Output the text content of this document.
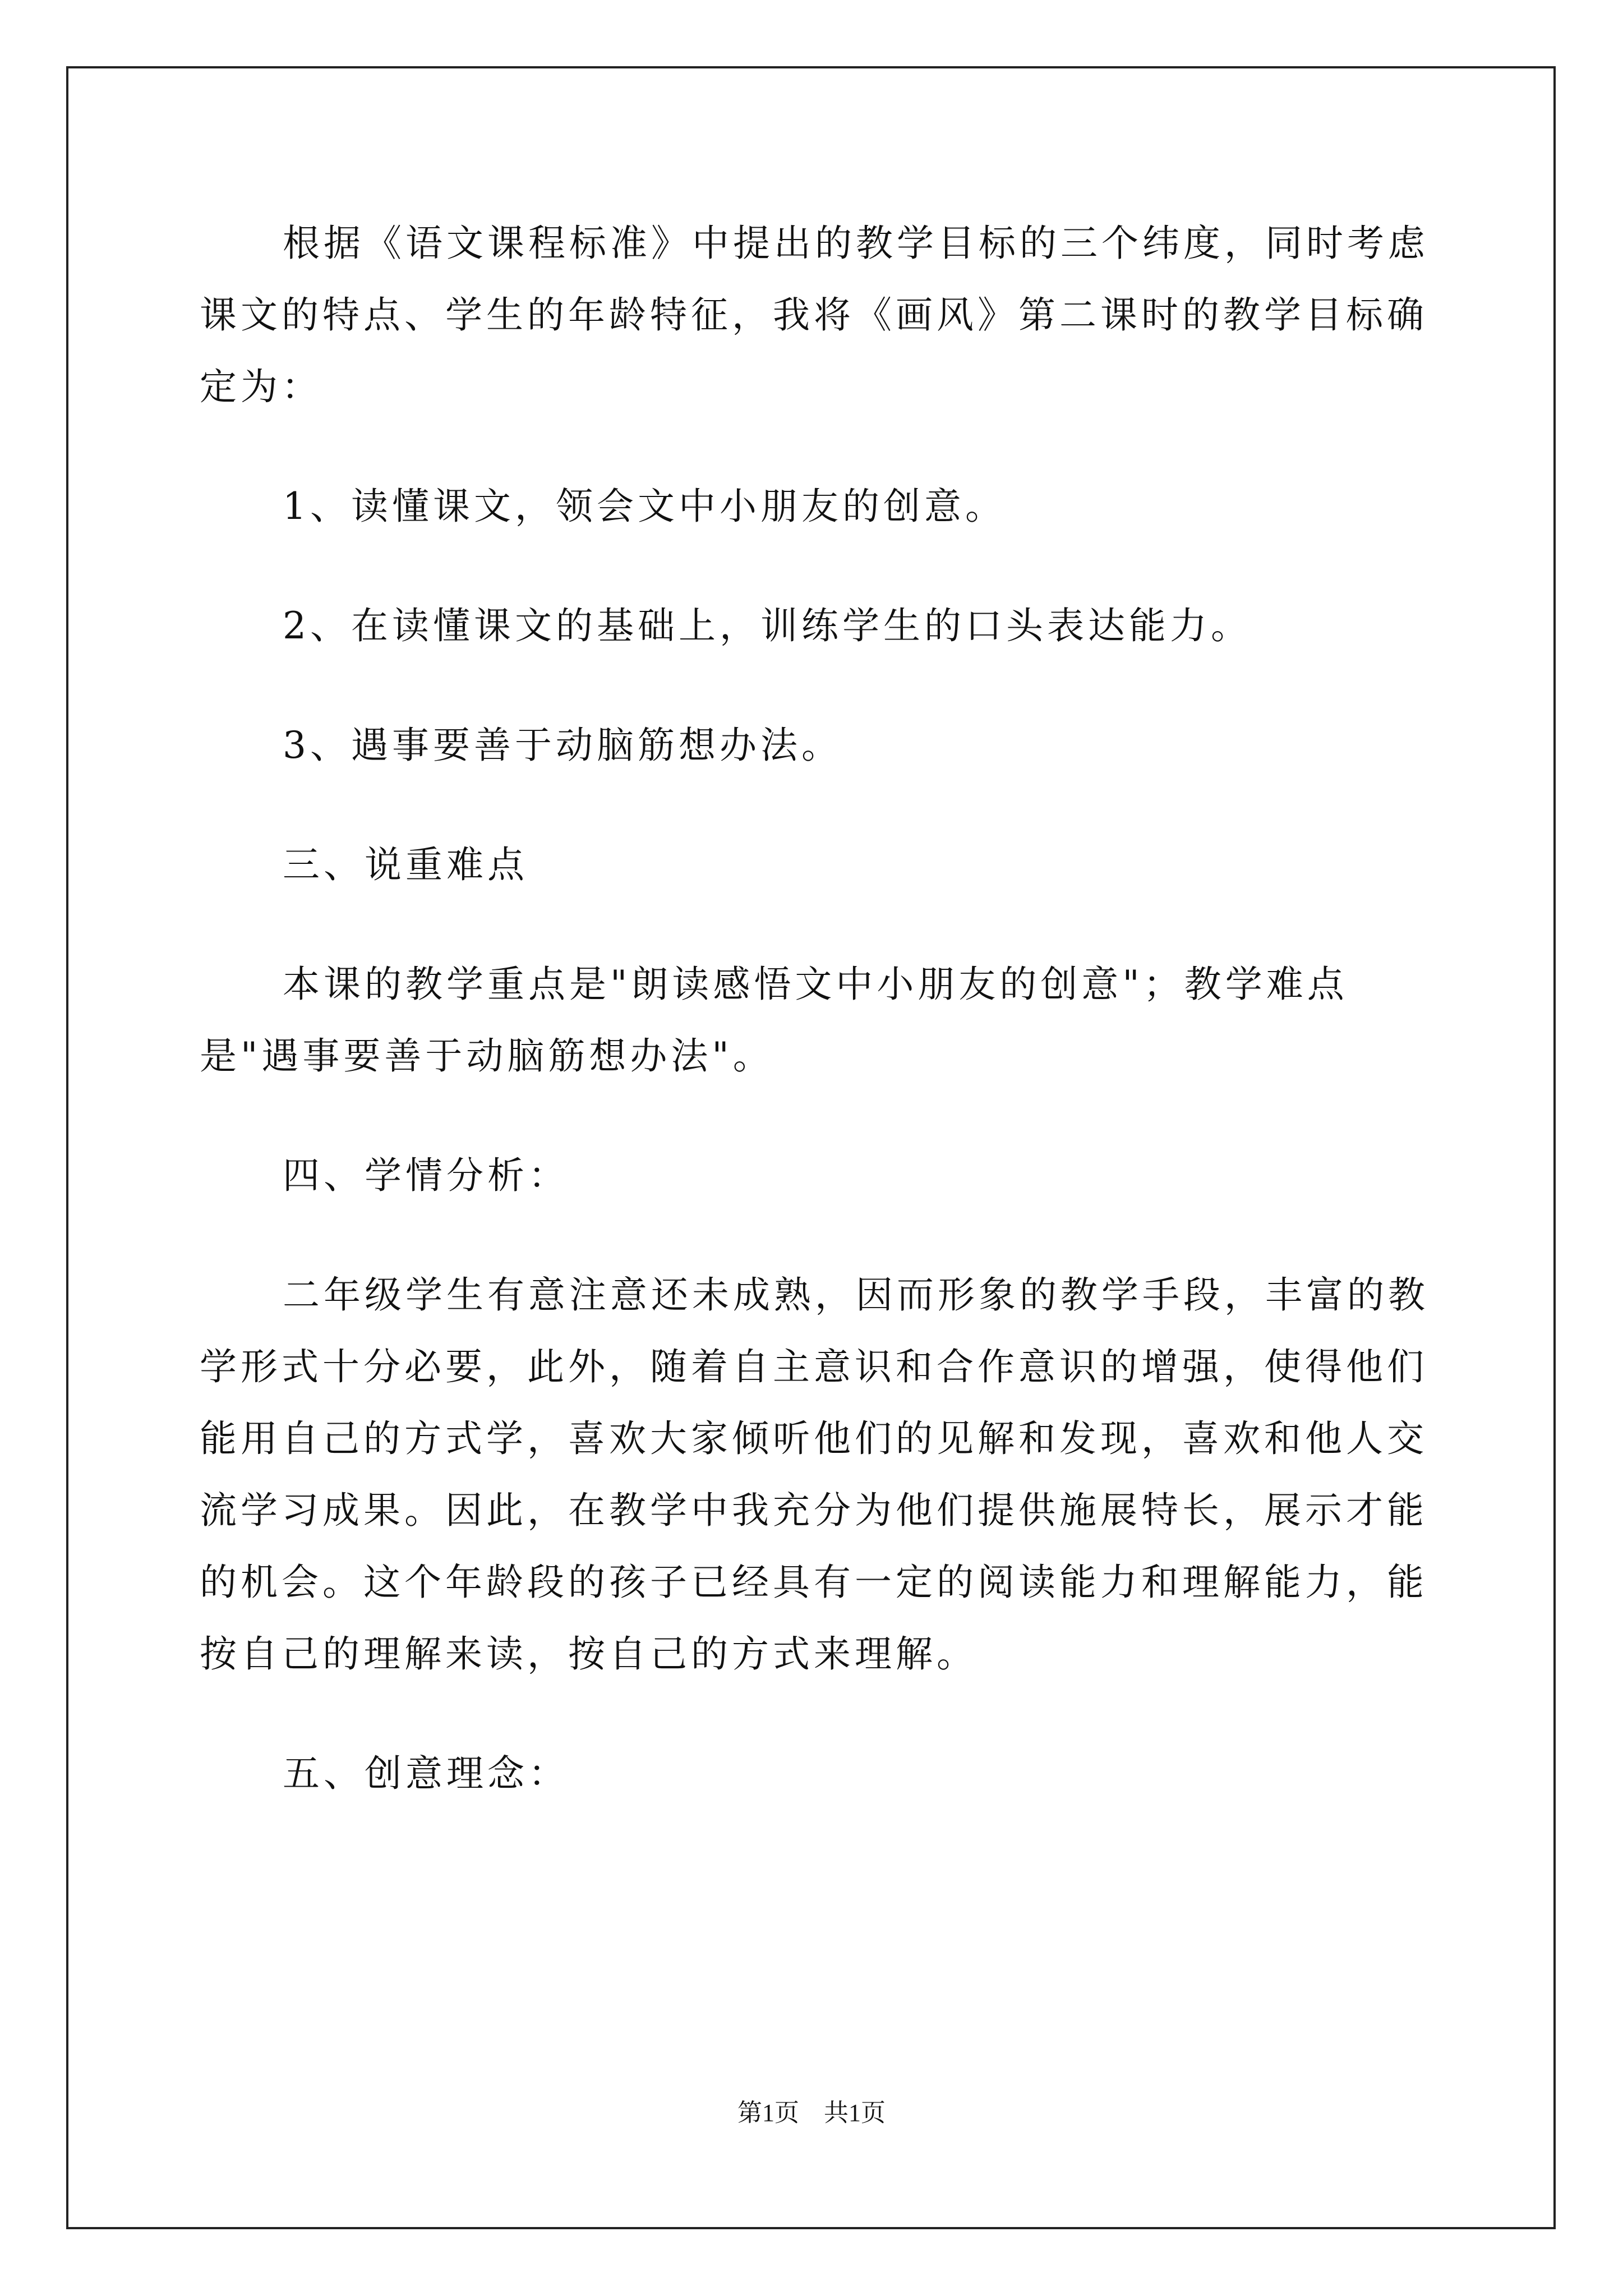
根据《语文课程标准》中提出的教学目标的三个纬度，同时考虑课文的特点、学生的年龄特征，我将《画风》第二课时的教学目标确定为：

1、读懂课文，领会文中小朋友的创意。

2、在读懂课文的基础上，训练学生的口头表达能力。

3、遇事要善于动脑筋想办法。

三、说重难点

本课的教学重点是"朗读感悟文中小朋友的创意"；教学难点是"遇事要善于动脑筋想办法"。

四、学情分析：

二年级学生有意注意还未成熟，因而形象的教学手段，丰富的教学形式十分必要，此外，随着自主意识和合作意识的增强，使得他们能用自己的方式学，喜欢大家倾听他们的见解和发现，喜欢和他人交流学习成果。因此，在教学中我充分为他们提供施展特长，展示才能的机会。这个年龄段的孩子已经具有一定的阅读能力和理解能力，能按自己的理解来读，按自己的方式来理解。

五、创意理念：

第1页　共1页
